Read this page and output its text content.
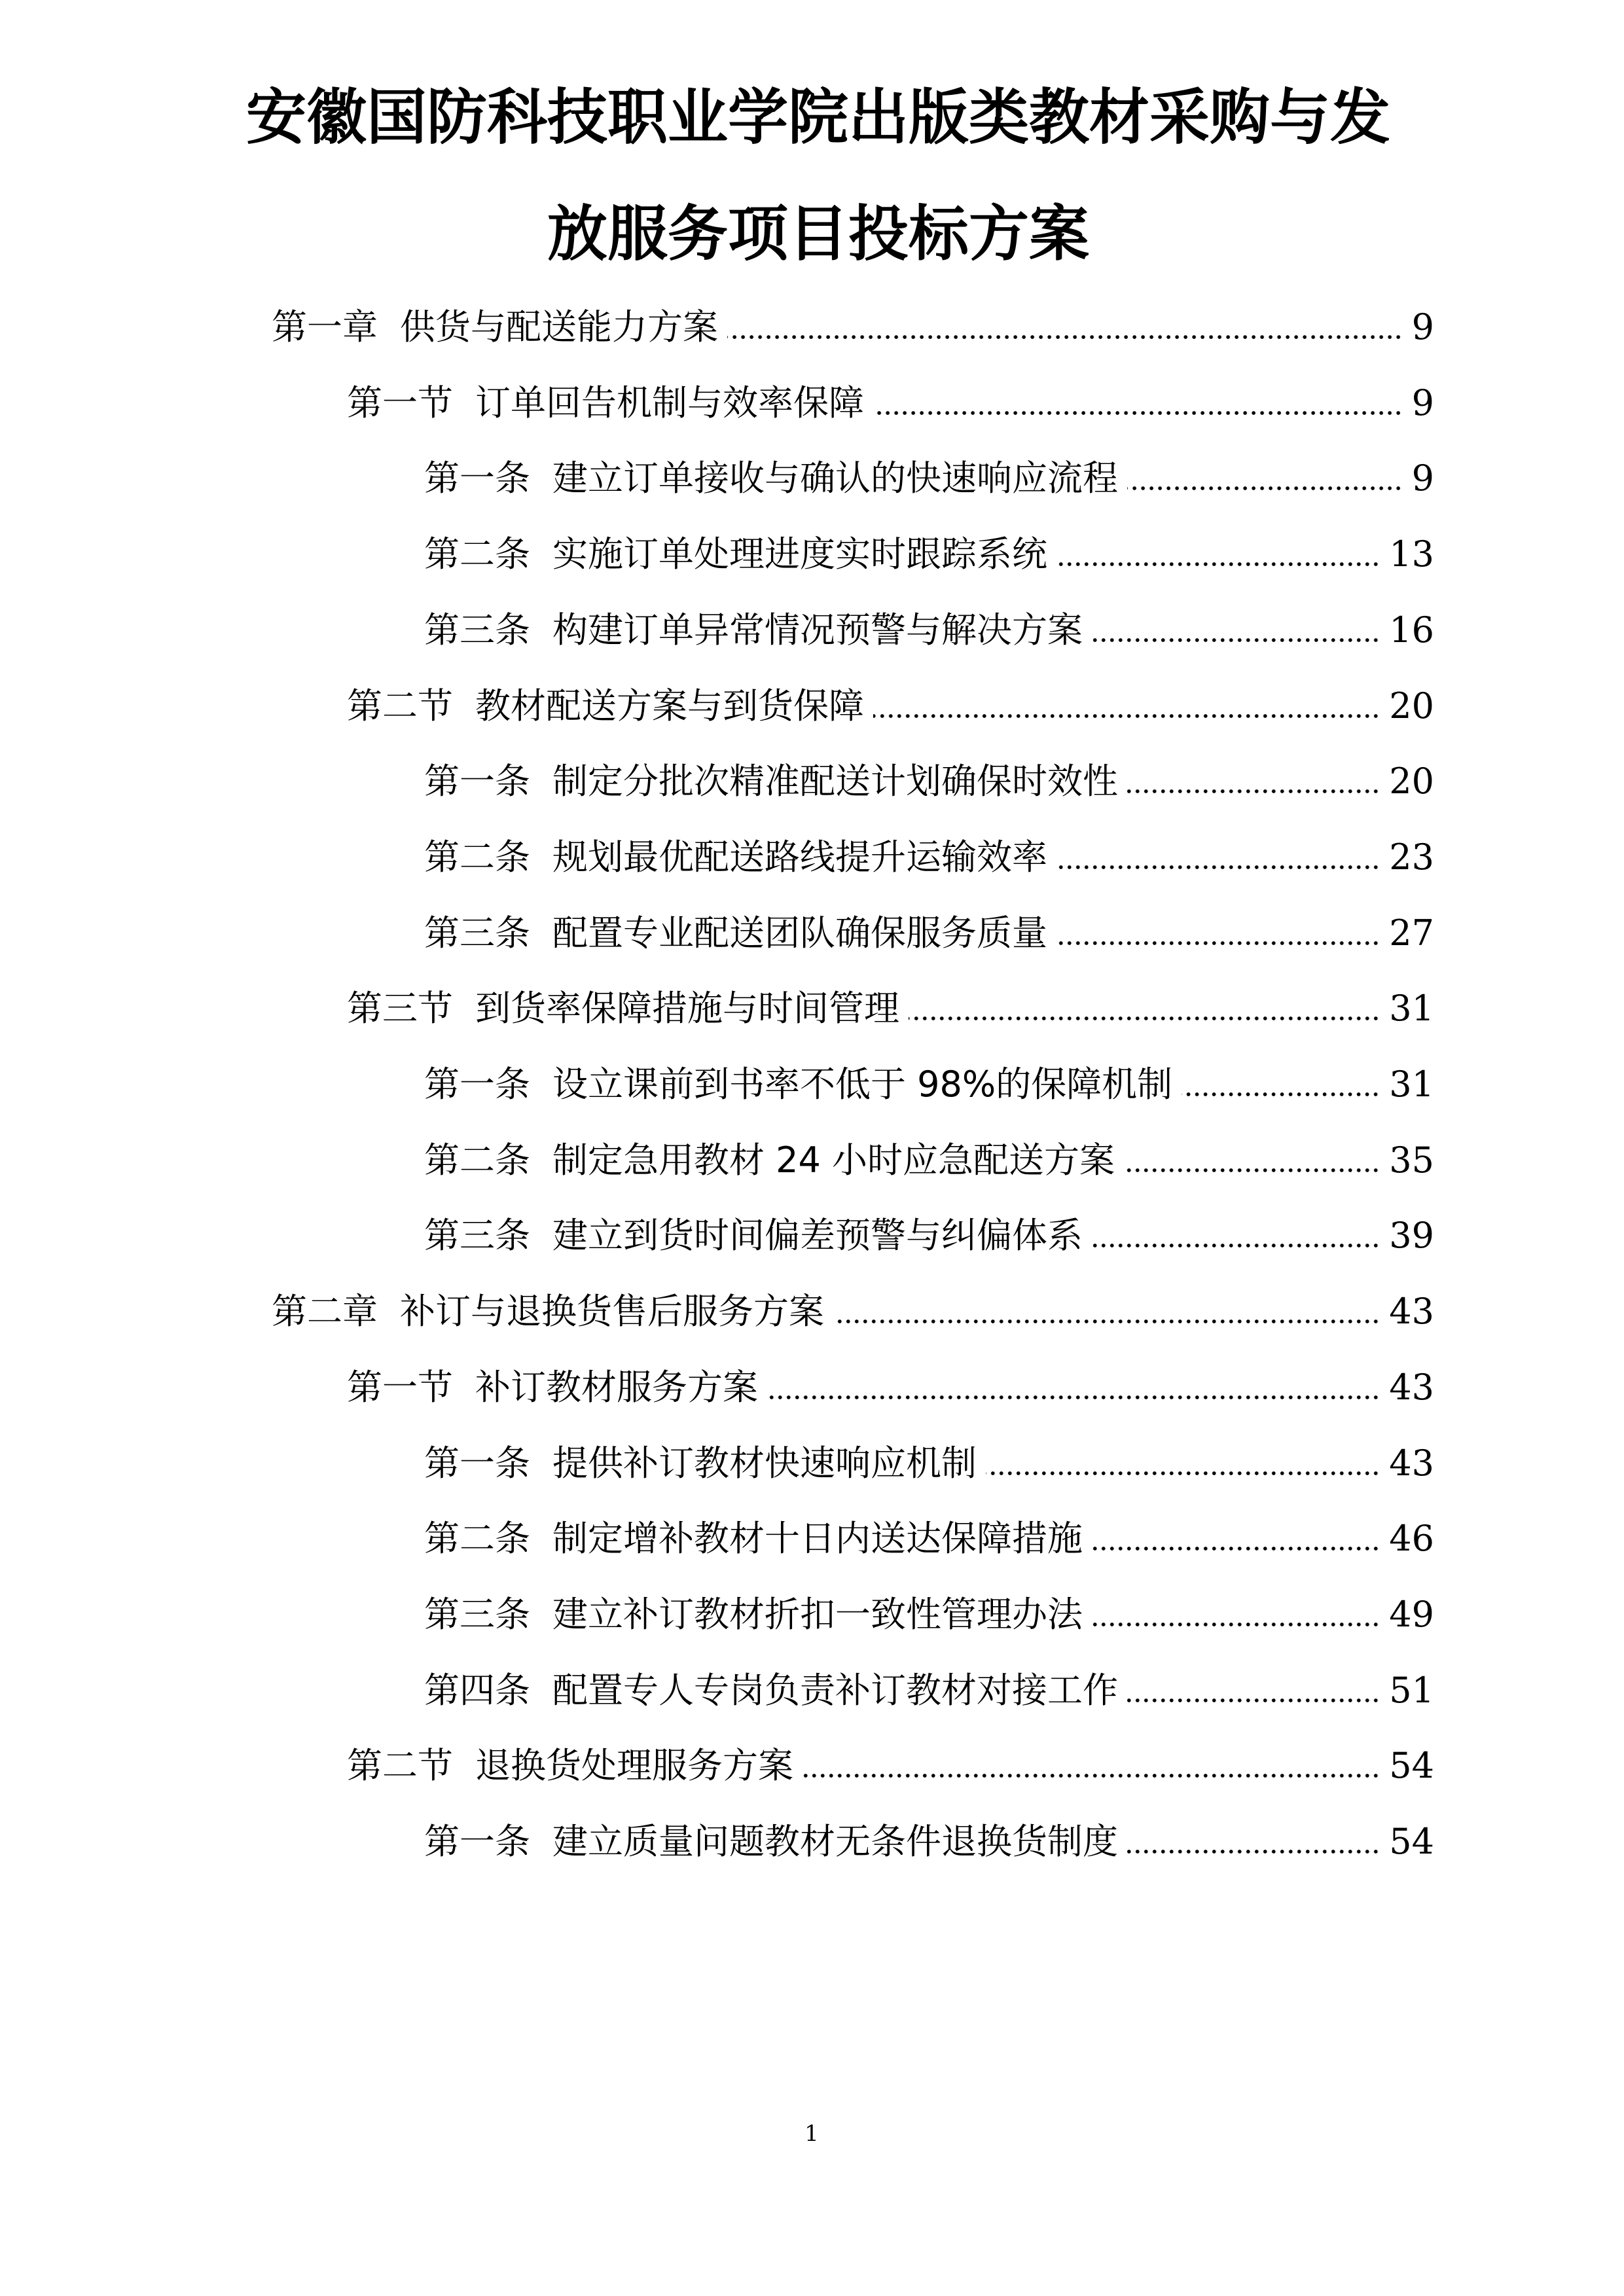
安徽国防科技职业学院出版类教材采购与发
放服务项目投标方案
第一章 供货与配送能力方案	9
第一节 订单回告机制与效率保障	9
第一条 建立订单接收与确认的快速响应流程	9
第二条 实施订单处理进度实时跟踪系统	13
第三条 构建订单异常情况预警与解决方案	16
第二节 教材配送方案与到货保障	20
第一条 制定分批次精准配送计划确保时效性	20
第二条 规划最优配送路线提升运输效率	23
第三条 配置专业配送团队确保服务质量	27
第三节 到货率保障措施与时间管理	31
第一条 设立课前到书率不低于 98%的保障机制	31
第二条 制定急用教材 24 小时应急配送方案	35
第三条 建立到货时间偏差预警与纠偏体系	39
第二章 补订与退换货售后服务方案	43
第一节 补订教材服务方案	43
第一条 提供补订教材快速响应机制	43
第二条 制定增补教材十日内送达保障措施	46
第三条 建立补订教材折扣一致性管理办法	49
第四条 配置专人专岗负责补订教材对接工作	51
第二节 退换货处理服务方案	54
第一条 建立质量问题教材无条件退换货制度	54
1
